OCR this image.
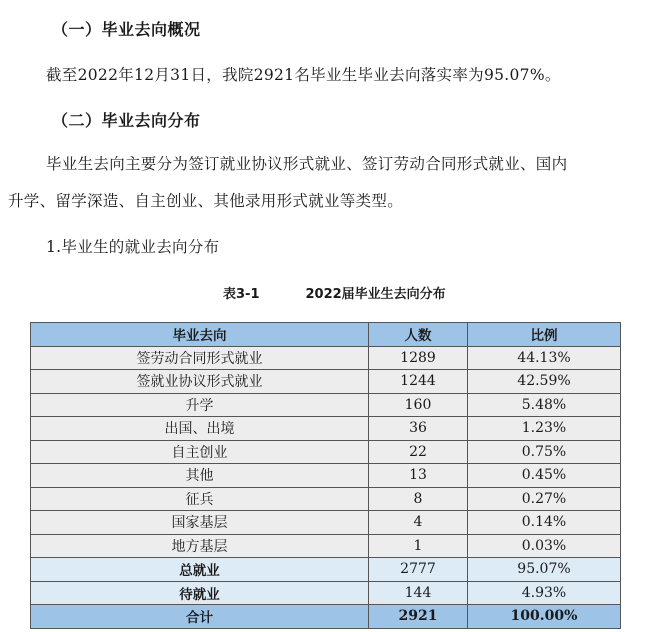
（一）毕业去向概况
截至2022年12月31日，我院2921名毕业生毕业去向落实率为95.07%。
（二）毕业去向分布
毕业生去向主要分为签订就业协议形式就业、签订劳动合同形式就业、国内
升学、留学深造、自主创业、其他录用形式就业等类型。
1.毕业生的就业去向分布
表3-1	2022届毕业生去向分布
毕业去向	人数	比例
签劳动合同形式就业	1289	44.13%
签就业协议形式就业	1244	42.59%
升学	160	5.48%
出国、出境	36	1.23%
自主创业	22	0.75%
其他	13	0.45%
征兵	8	0.27%
国家基层	4	0.14%
地方基层	1	0.03%
总就业	2777	95.07%
待就业	144	4.93%
合计	2921	100.00%
